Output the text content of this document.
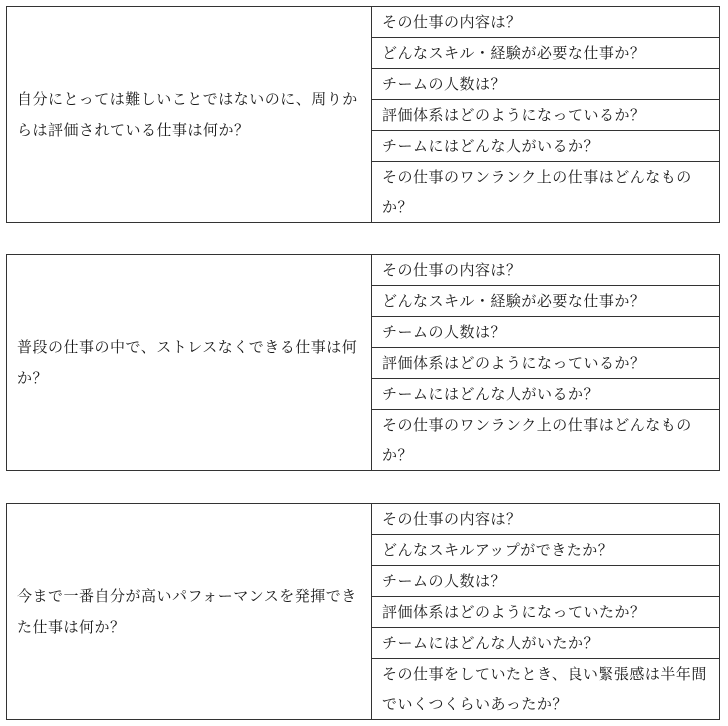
自分にとっては難しいことではないのに、周りからは評価されている仕事は何か？	その仕事の内容は？
どんなスキル・経験が必要な仕事か？
チームの人数は？
評価体系はどのようになっているか？
チームにはどんな人がいるか？
その仕事のワンランク上の仕事はどんなものか？
普段の仕事の中で、ストレスなくできる仕事は何か？	その仕事の内容は？
どんなスキル・経験が必要な仕事か？
チームの人数は？
評価体系はどのようになっているか？
チームにはどんな人がいるか？
その仕事のワンランク上の仕事はどんなものか？
今まで一番自分が高いパフォーマンスを発揮できた仕事は何か？	その仕事の内容は？
どんなスキルアップができたか？
チームの人数は？
評価体系はどのようになっていたか？
チームにはどんな人がいたか？
その仕事をしていたとき、良い緊張感は半年間でいくつくらいあったか？
